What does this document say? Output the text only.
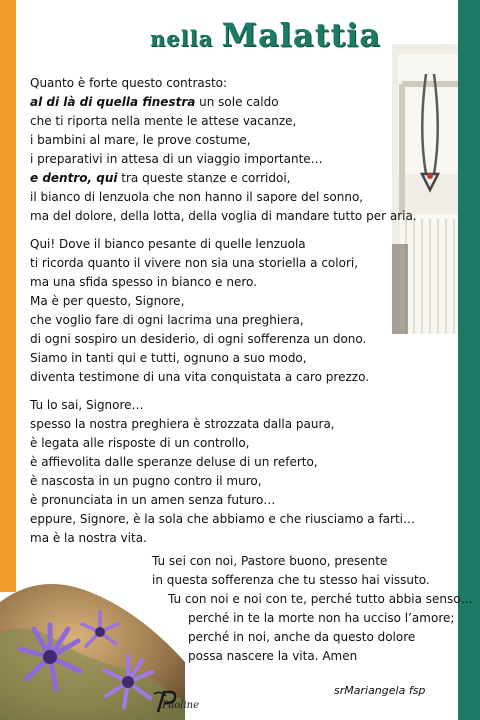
nella Malattia
Quanto è forte questo contrasto:
al di là di quella finestra un sole caldo
che ti riporta nella mente le attese vacanze,
i bambini al mare, le prove costume,
i preparativi in attesa di un viaggio importante…
e dentro, qui tra queste stanze e corridoi,
il bianco di lenzuola che non hanno il sapore del sonno,
ma del dolore, della lotta, della voglia di mandare tutto per aria.
Qui! Dove il bianco pesante di quelle lenzuola
ti ricorda quanto il vivere non sia una storiella a colori,
ma una sfida spesso in bianco e nero.
Ma è per questo, Signore,
che voglio fare di ogni lacrima una preghiera,
di ogni sospiro un desiderio, di ogni sofferenza un dono.
Siamo in tanti qui e tutti, ognuno a suo modo,
diventa testimone di una vita conquistata a caro prezzo.
Tu lo sai, Signore…
spesso la nostra preghiera è strozzata dalla paura,
è legata alle risposte di un controllo,
è affievolita dalle speranze deluse di un referto,
è nascosta in un pugno contro il muro,
è pronunciata in un amen senza futuro…
eppure, Signore, è la sola che abbiamo e che riusciamo a farti…
ma è la nostra vita.
Tu sei con noi, Pastore buono, presente
in questa sofferenza che tu stesso hai vissuto.
Tu con noi e noi con te, perché tutto abbia senso…
perché in te la morte non ha ucciso l’amore;
perché in noi, anche da questo dolore
possa nascere la vita. Amen
srMariangela fsp
Paoline
